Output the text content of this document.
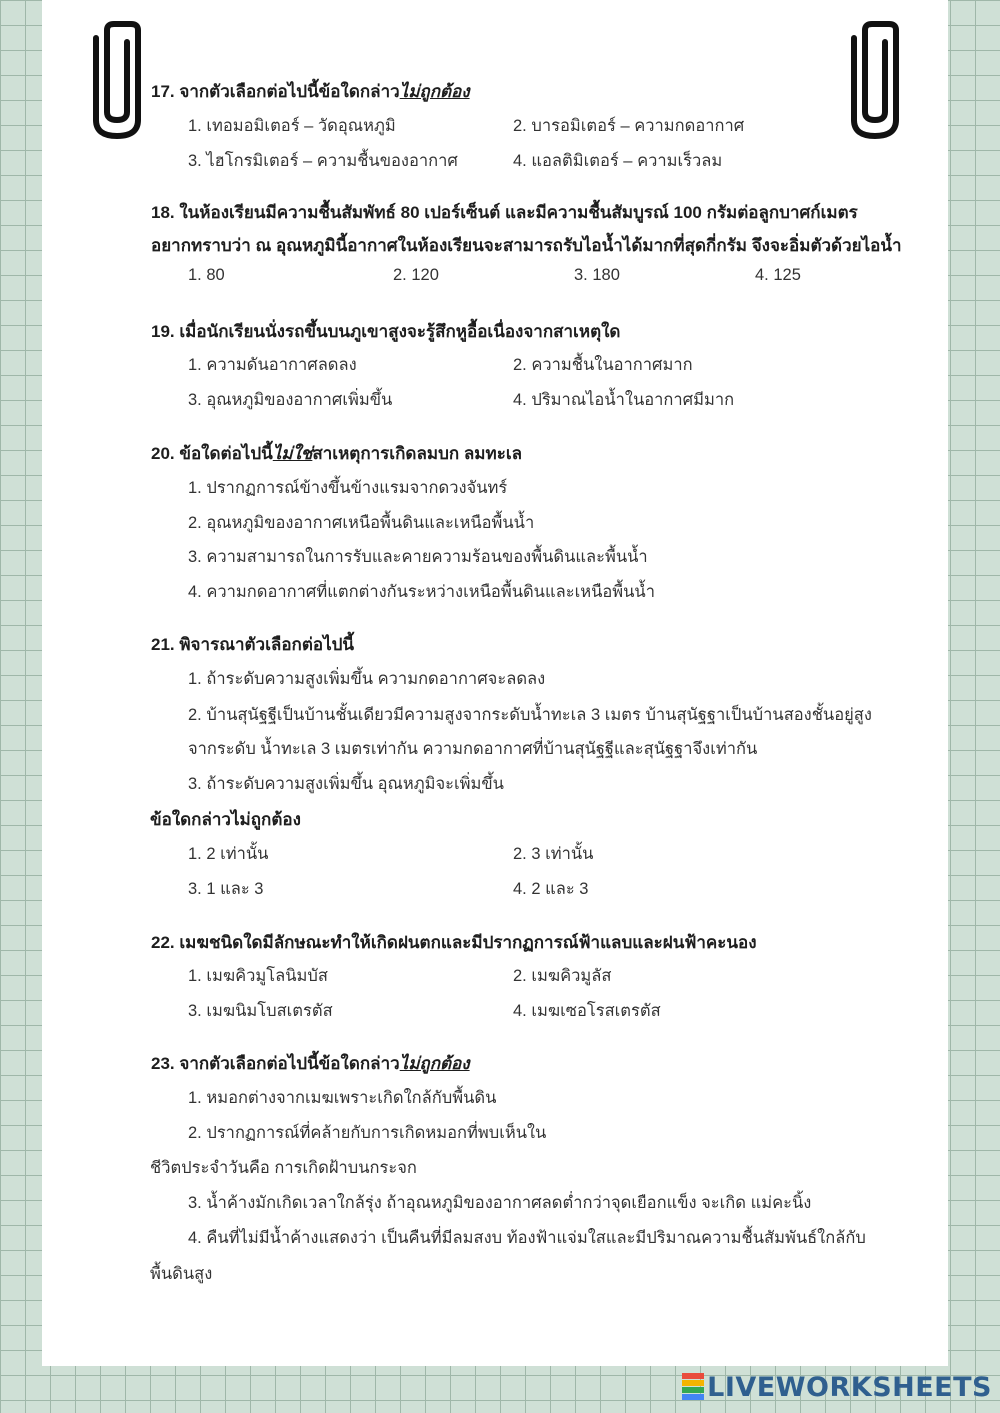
17. จากตัวเลือกต่อไปนี้ข้อใดกล่าวไม่ถูกต้อง
1. เทอมอมิเตอร์ – วัดอุณหภูมิ	2. บารอมิเตอร์ – ความกดอากาศ
3. ไฮโกรมิเตอร์ – ความชื้นของอากาศ	4. แอลติมิเตอร์ – ความเร็วลม
18. ในห้องเรียนมีความชื้นสัมพัทธ์ 80 เปอร์เซ็นต์ และมีความชื้นสัมบูรณ์ 100 กรัมต่อลูกบาศก์เมตร
อยากทราบว่า ณ อุณหภูมินี้อากาศในห้องเรียนจะสามารถรับไอน้ำได้มากที่สุดกี่กรัม จึงจะอิ่มตัวด้วยไอน้ำ
1. 80	2. 120	3. 180	4. 125
19. เมื่อนักเรียนนั่งรถขึ้นบนภูเขาสูงจะรู้สึกหูอื้อเนื่องจากสาเหตุใด
1. ความดันอากาศลดลง	2. ความชื้นในอากาศมาก
3. อุณหภูมิของอากาศเพิ่มขึ้น	4. ปริมาณไอน้ำในอากาศมีมาก
20. ข้อใดต่อไปนี้ไม่ใช่สาเหตุการเกิดลมบก ลมทะเล
1. ปรากฏการณ์ข้างขึ้นข้างแรมจากดวงจันทร์
2. อุณหภูมิของอากาศเหนือพื้นดินและเหนือพื้นน้ำ
3. ความสามารถในการรับและคายความร้อนของพื้นดินและพื้นน้ำ
4. ความกดอากาศที่แตกต่างกันระหว่างเหนือพื้นดินและเหนือพื้นน้ำ
21. พิจารณาตัวเลือกต่อไปนี้
1. ถ้าระดับความสูงเพิ่มขึ้น ความกดอากาศจะลดลง
2. บ้านสุนัฐฐีเป็นบ้านชั้นเดียวมีความสูงจากระดับน้ำทะเล 3 เมตร บ้านสุนัฐฐาเป็นบ้านสองชั้นอยู่สูง
จากระดับ น้ำทะเล 3 เมตรเท่ากัน ความกดอากาศที่บ้านสุนัฐฐีและสุนัฐฐาจึงเท่ากัน
3. ถ้าระดับความสูงเพิ่มขึ้น อุณหภูมิจะเพิ่มขึ้น
ข้อใดกล่าวไม่ถูกต้อง
1. 2 เท่านั้น	2. 3 เท่านั้น
3. 1 และ 3	4. 2 และ 3
22. เมฆชนิดใดมีลักษณะทำให้เกิดฝนตกและมีปรากฏการณ์ฟ้าแลบและฝนฟ้าคะนอง
1. เมฆคิวมูโลนิมบัส	2. เมฆคิวมูลัส
3. เมฆนิมโบสเตรตัส	4. เมฆเซอโรสเตรตัส
23. จากตัวเลือกต่อไปนี้ข้อใดกล่าวไม่ถูกต้อง
1. หมอกต่างจากเมฆเพราะเกิดใกล้กับพื้นดิน
2. ปรากฏการณ์ที่คล้ายกับการเกิดหมอกที่พบเห็นใน
ชีวิตประจำวันคือ การเกิดฝ้าบนกระจก
3. น้ำค้างมักเกิดเวลาใกล้รุ่ง ถ้าอุณหภูมิของอากาศลดต่ำกว่าจุดเยือกแข็ง จะเกิด แม่คะนิ้ง
4. คืนที่ไม่มีน้ำค้างแสดงว่า เป็นคืนที่มีลมสงบ ท้องฟ้าแจ่มใสและมีปริมาณความชื้นสัมพันธ์ใกล้กับ
พื้นดินสูง
LIVEWORKSHEETS
